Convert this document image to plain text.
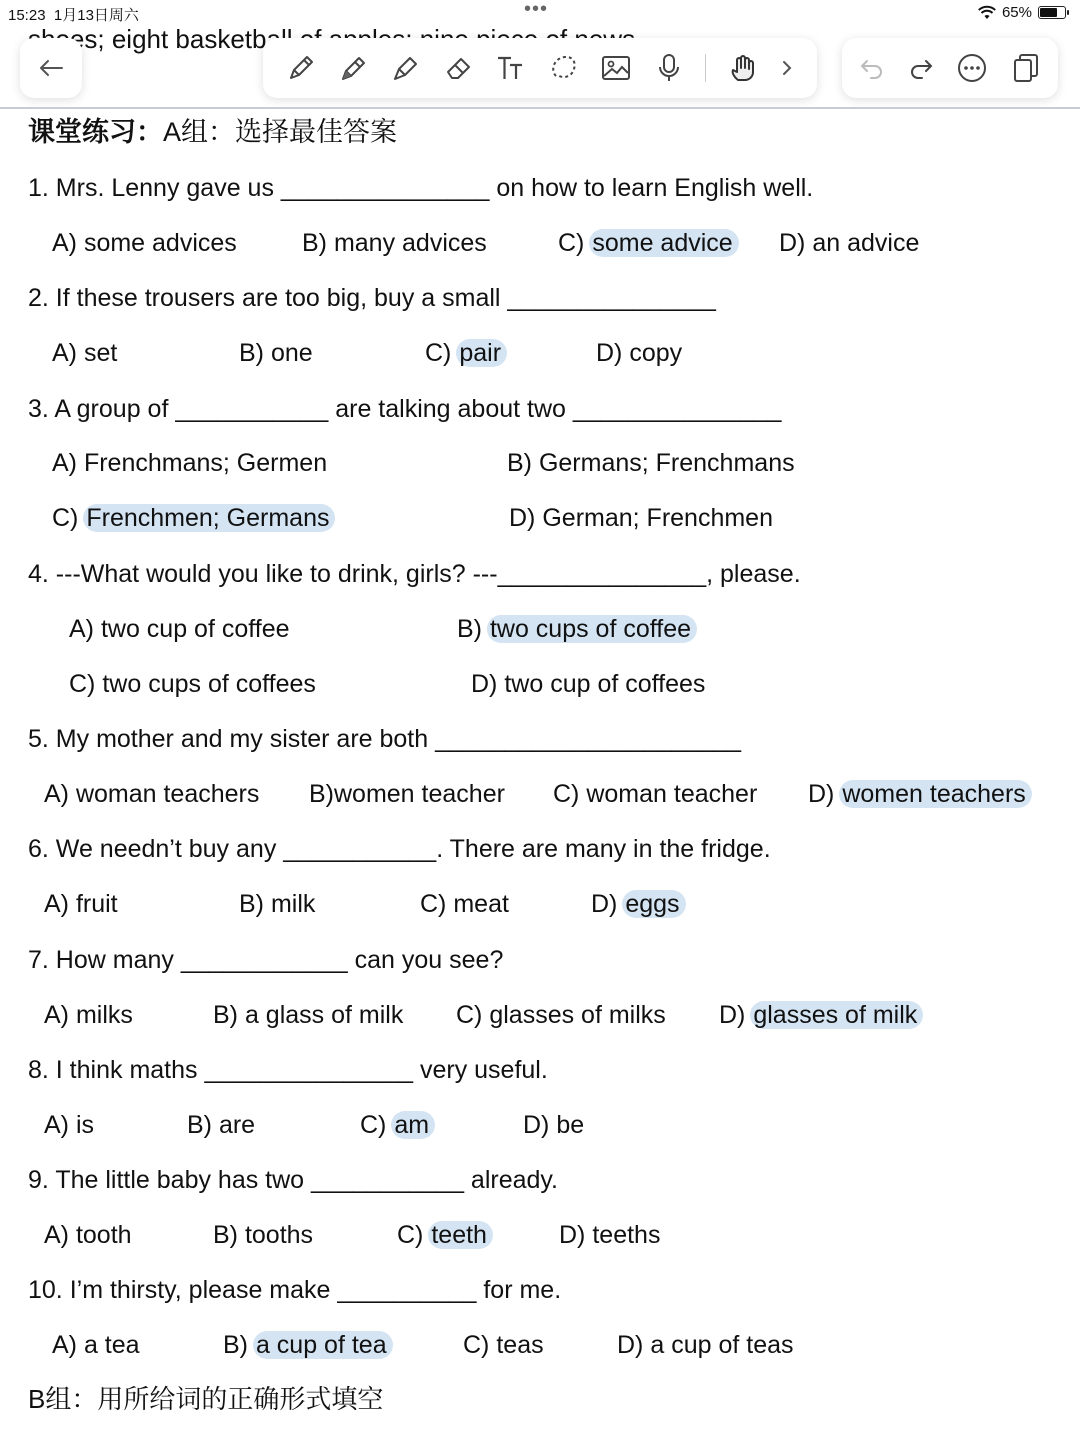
15:23 1月13日周六	•••	65%
eight basketball
课堂练习：A组：选择最佳答案
1. Mrs. Lenny gave us _______________ on how to learn English well.
A) some advices	B) many advices	C) some advice D) an advice
2. If these trousers are too big, buy a small _______________
A) set	B) one	C) pair	D) copy
3. A group of ___________ are talking about two _______________
A) Frenchmans; Germen	B) Germans; Frenchmans
C) Frenchmen; Germans	D) German; Frenchmen
4. ---What would you like to drink, girls? ---_______________, please.
A) two cup of coffee	B) two cups of coffee
C) two cups of coffees	D) two cup of coffees
5. My mother and my sister are both ______________________
A) woman teachers B)women teacher C) woman teacher D) women teachers
6. We needn’t buy any ___________. There are many in the fridge.
A) fruit	B) milk	C) meat	D) eggs
7. How many ____________ can you see?
A) milks	B) a glass of milk C) glasses of milks D) glasses of milk
8. I think maths _______________ very useful.
A) is	B) are	C) am	D) be
9. The little baby has two ___________ already.
A) tooth	B) tooths	C) teeth	D) teeths
10. I’m thirsty, please make __________ for me.
A) a tea	B) a cup of tea	C) teas	D) a cup of teas
B组：用所给词的正确形式填空
